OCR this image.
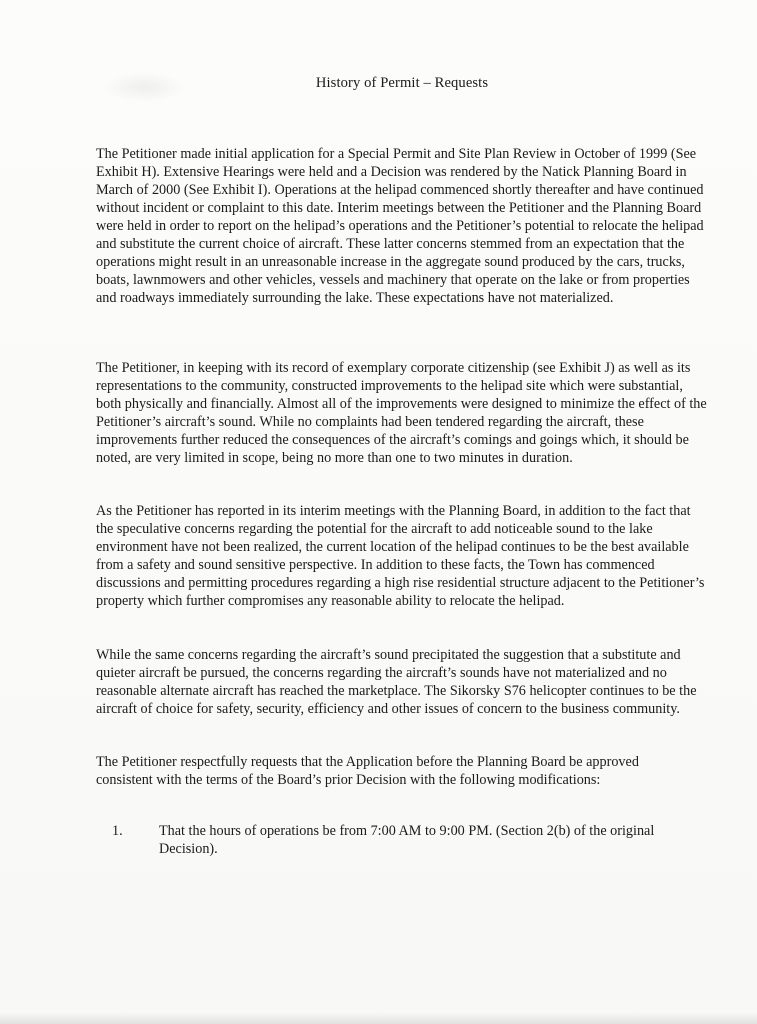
History of Permit – Requests

The Petitioner made initial application for a Special Permit and Site Plan Review in October of 1999 (See Exhibit H). Extensive Hearings were held and a Decision was rendered by the Natick Planning Board in March of 2000 (See Exhibit I). Operations at the helipad commenced shortly thereafter and have continued without incident or complaint to this date. Interim meetings between the Petitioner and the Planning Board were held in order to report on the helipad’s operations and the Petitioner’s potential to relocate the helipad and substitute the current choice of aircraft. These latter concerns stemmed from an expectation that the operations might result in an unreasonable increase in the aggregate sound produced by the cars, trucks, boats, lawnmowers and other vehicles, vessels and machinery that operate on the lake or from properties and roadways immediately surrounding the lake. These expectations have not materialized.

The Petitioner, in keeping with its record of exemplary corporate citizenship (see Exhibit J) as well as its representations to the community, constructed improvements to the helipad site which were substantial, both physically and financially. Almost all of the improvements were designed to minimize the effect of the Petitioner’s aircraft’s sound. While no complaints had been tendered regarding the aircraft, these improvements further reduced the consequences of the aircraft’s comings and goings which, it should be noted, are very limited in scope, being no more than one to two minutes in duration.

As the Petitioner has reported in its interim meetings with the Planning Board, in addition to the fact that the speculative concerns regarding the potential for the aircraft to add noticeable sound to the lake environment have not been realized, the current location of the helipad continues to be the best available from a safety and sound sensitive perspective. In addition to these facts, the Town has commenced discussions and permitting procedures regarding a high rise residential structure adjacent to the Petitioner’s property which further compromises any reasonable ability to relocate the helipad.

While the same concerns regarding the aircraft’s sound precipitated the suggestion that a substitute and quieter aircraft be pursued, the concerns regarding the aircraft’s sounds have not materialized and no reasonable alternate aircraft has reached the marketplace. The Sikorsky S76 helicopter continues to be the aircraft of choice for safety, security, efficiency and other issues of concern to the business community.

The Petitioner respectfully requests that the Application before the Planning Board be approved consistent with the terms of the Board’s prior Decision with the following modifications:

1.	That the hours of operations be from 7:00 AM to 9:00 PM. (Section 2(b) of the original Decision).
